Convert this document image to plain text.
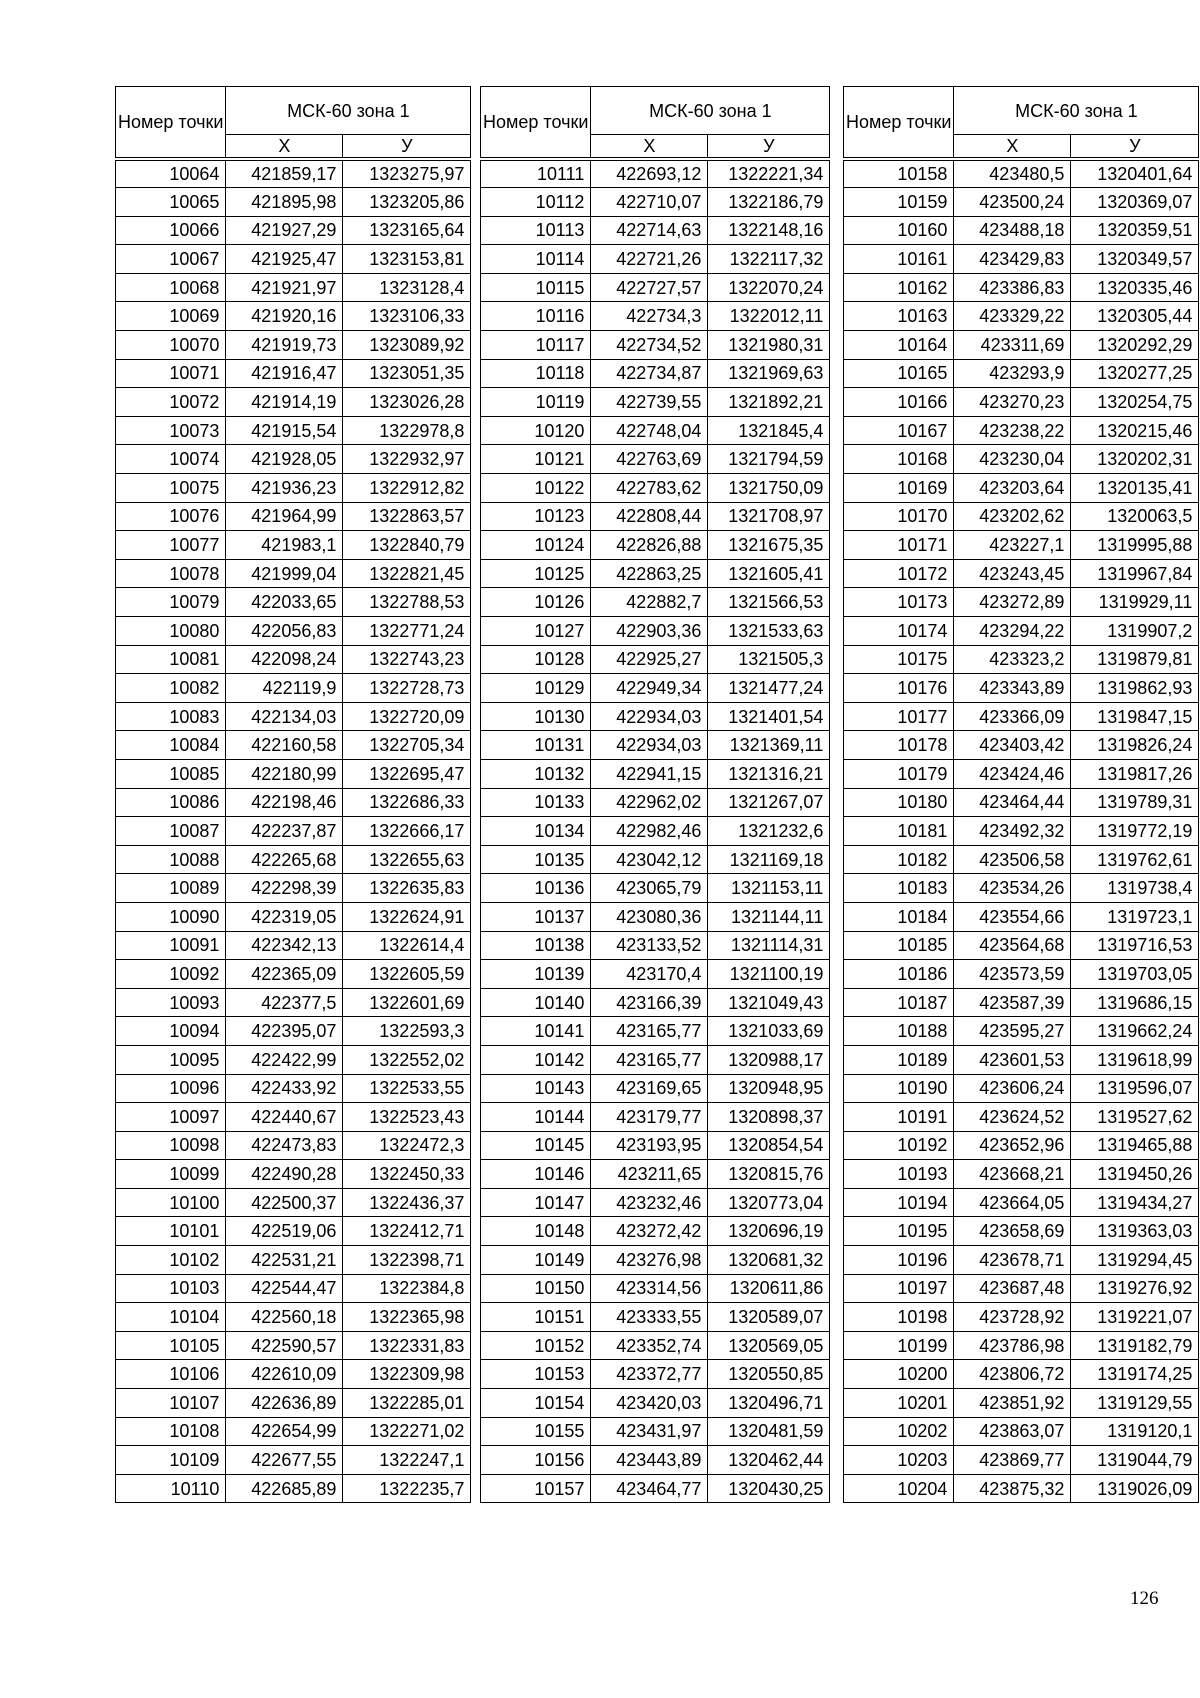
Номер точки	МСК-60 зона 1	
	Х	У
10064	421859,17	1323275,97
10065	421895,98	1323205,86
10066	421927,29	1323165,64
10067	421925,47	1323153,81
10068	421921,97	1323128,4
10069	421920,16	1323106,33
10070	421919,73	1323089,92
10071	421916,47	1323051,35
10072	421914,19	1323026,28
10073	421915,54	1322978,8
10074	421928,05	1322932,97
10075	421936,23	1322912,82
10076	421964,99	1322863,57
10077	421983,1	1322840,79
10078	421999,04	1322821,45
10079	422033,65	1322788,53
10080	422056,83	1322771,24
10081	422098,24	1322743,23
10082	422119,9	1322728,73
10083	422134,03	1322720,09
10084	422160,58	1322705,34
10085	422180,99	1322695,47
10086	422198,46	1322686,33
10087	422237,87	1322666,17
10088	422265,68	1322655,63
10089	422298,39	1322635,83
10090	422319,05	1322624,91
10091	422342,13	1322614,4
10092	422365,09	1322605,59
10093	422377,5	1322601,69
10094	422395,07	1322593,3
10095	422422,99	1322552,02
10096	422433,92	1322533,55
10097	422440,67	1322523,43
10098	422473,83	1322472,3
10099	422490,28	1322450,33
10100	422500,37	1322436,37
10101	422519,06	1322412,71
10102	422531,21	1322398,71
10103	422544,47	1322384,8
10104	422560,18	1322365,98
10105	422590,57	1322331,83
10106	422610,09	1322309,98
10107	422636,89	1322285,01
10108	422654,99	1322271,02
10109	422677,55	1322247,1
10110	422685,89	1322235,7
Номер точки	МСК-60 зона 1	
	Х	У
10111	422693,12	1322221,34
10112	422710,07	1322186,79
10113	422714,63	1322148,16
10114	422721,26	1322117,32
10115	422727,57	1322070,24
10116	422734,3	1322012,11
10117	422734,52	1321980,31
10118	422734,87	1321969,63
10119	422739,55	1321892,21
10120	422748,04	1321845,4
10121	422763,69	1321794,59
10122	422783,62	1321750,09
10123	422808,44	1321708,97
10124	422826,88	1321675,35
10125	422863,25	1321605,41
10126	422882,7	1321566,53
10127	422903,36	1321533,63
10128	422925,27	1321505,3
10129	422949,34	1321477,24
10130	422934,03	1321401,54
10131	422934,03	1321369,11
10132	422941,15	1321316,21
10133	422962,02	1321267,07
10134	422982,46	1321232,6
10135	423042,12	1321169,18
10136	423065,79	1321153,11
10137	423080,36	1321144,11
10138	423133,52	1321114,31
10139	423170,4	1321100,19
10140	423166,39	1321049,43
10141	423165,77	1321033,69
10142	423165,77	1320988,17
10143	423169,65	1320948,95
10144	423179,77	1320898,37
10145	423193,95	1320854,54
10146	423211,65	1320815,76
10147	423232,46	1320773,04
10148	423272,42	1320696,19
10149	423276,98	1320681,32
10150	423314,56	1320611,86
10151	423333,55	1320589,07
10152	423352,74	1320569,05
10153	423372,77	1320550,85
10154	423420,03	1320496,71
10155	423431,97	1320481,59
10156	423443,89	1320462,44
10157	423464,77	1320430,25
Номер точки	МСК-60 зона 1	
	Х	У
10158	423480,5	1320401,64
10159	423500,24	1320369,07
10160	423488,18	1320359,51
10161	423429,83	1320349,57
10162	423386,83	1320335,46
10163	423329,22	1320305,44
10164	423311,69	1320292,29
10165	423293,9	1320277,25
10166	423270,23	1320254,75
10167	423238,22	1320215,46
10168	423230,04	1320202,31
10169	423203,64	1320135,41
10170	423202,62	1320063,5
10171	423227,1	1319995,88
10172	423243,45	1319967,84
10173	423272,89	1319929,11
10174	423294,22	1319907,2
10175	423323,2	1319879,81
10176	423343,89	1319862,93
10177	423366,09	1319847,15
10178	423403,42	1319826,24
10179	423424,46	1319817,26
10180	423464,44	1319789,31
10181	423492,32	1319772,19
10182	423506,58	1319762,61
10183	423534,26	1319738,4
10184	423554,66	1319723,1
10185	423564,68	1319716,53
10186	423573,59	1319703,05
10187	423587,39	1319686,15
10188	423595,27	1319662,24
10189	423601,53	1319618,99
10190	423606,24	1319596,07
10191	423624,52	1319527,62
10192	423652,96	1319465,88
10193	423668,21	1319450,26
10194	423664,05	1319434,27
10195	423658,69	1319363,03
10196	423678,71	1319294,45
10197	423687,48	1319276,92
10198	423728,92	1319221,07
10199	423786,98	1319182,79
10200	423806,72	1319174,25
10201	423851,92	1319129,55
10202	423863,07	1319120,1
10203	423869,77	1319044,79
10204	423875,32	1319026,09
126
